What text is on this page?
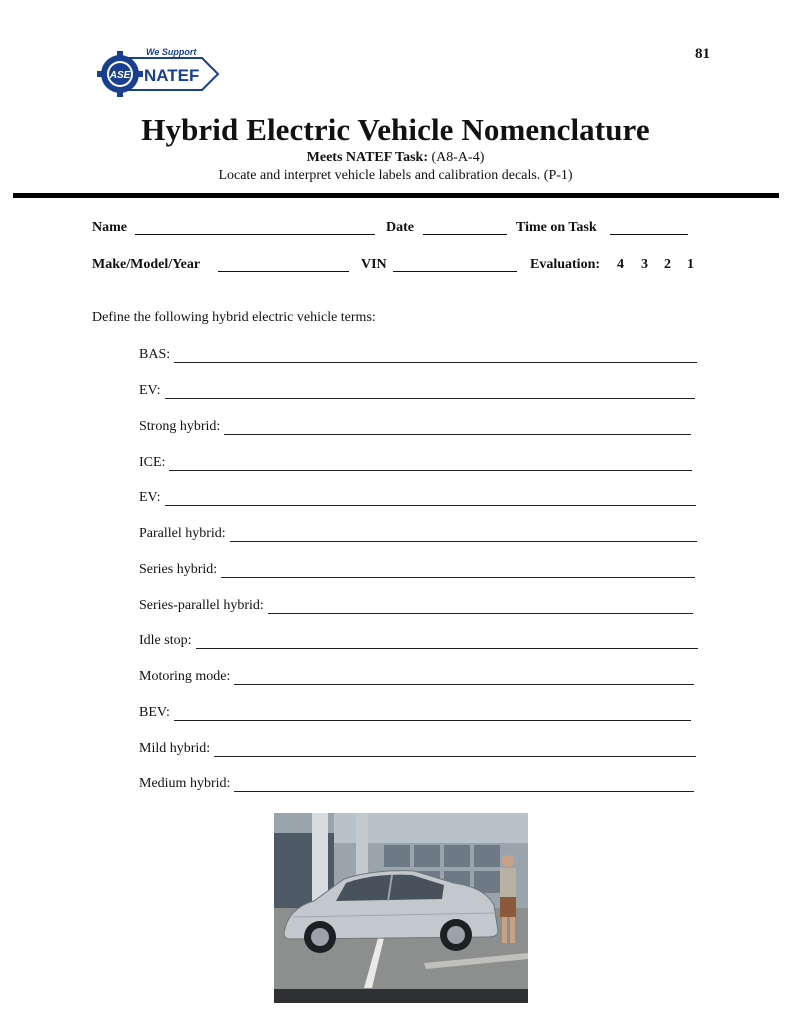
ASE
We Support
NATEF
81
Hybrid Electric Vehicle Nomenclature
Meets NATEF Task: (A8-A-4)
Locate and interpret vehicle labels and calibration decals. (P-1)
Name	Date	Time on Task
Make/Model/Year	VIN	Evaluation: 4 3 2 1
Define the following hybrid electric vehicle terms:
BAS:
EV:
Strong hybrid:
ICE:
EV:
Parallel hybrid:
Series hybrid:
Series-parallel hybrid:
Idle stop:
Motoring mode:
BEV:
Mild hybrid:
Medium hybrid:
